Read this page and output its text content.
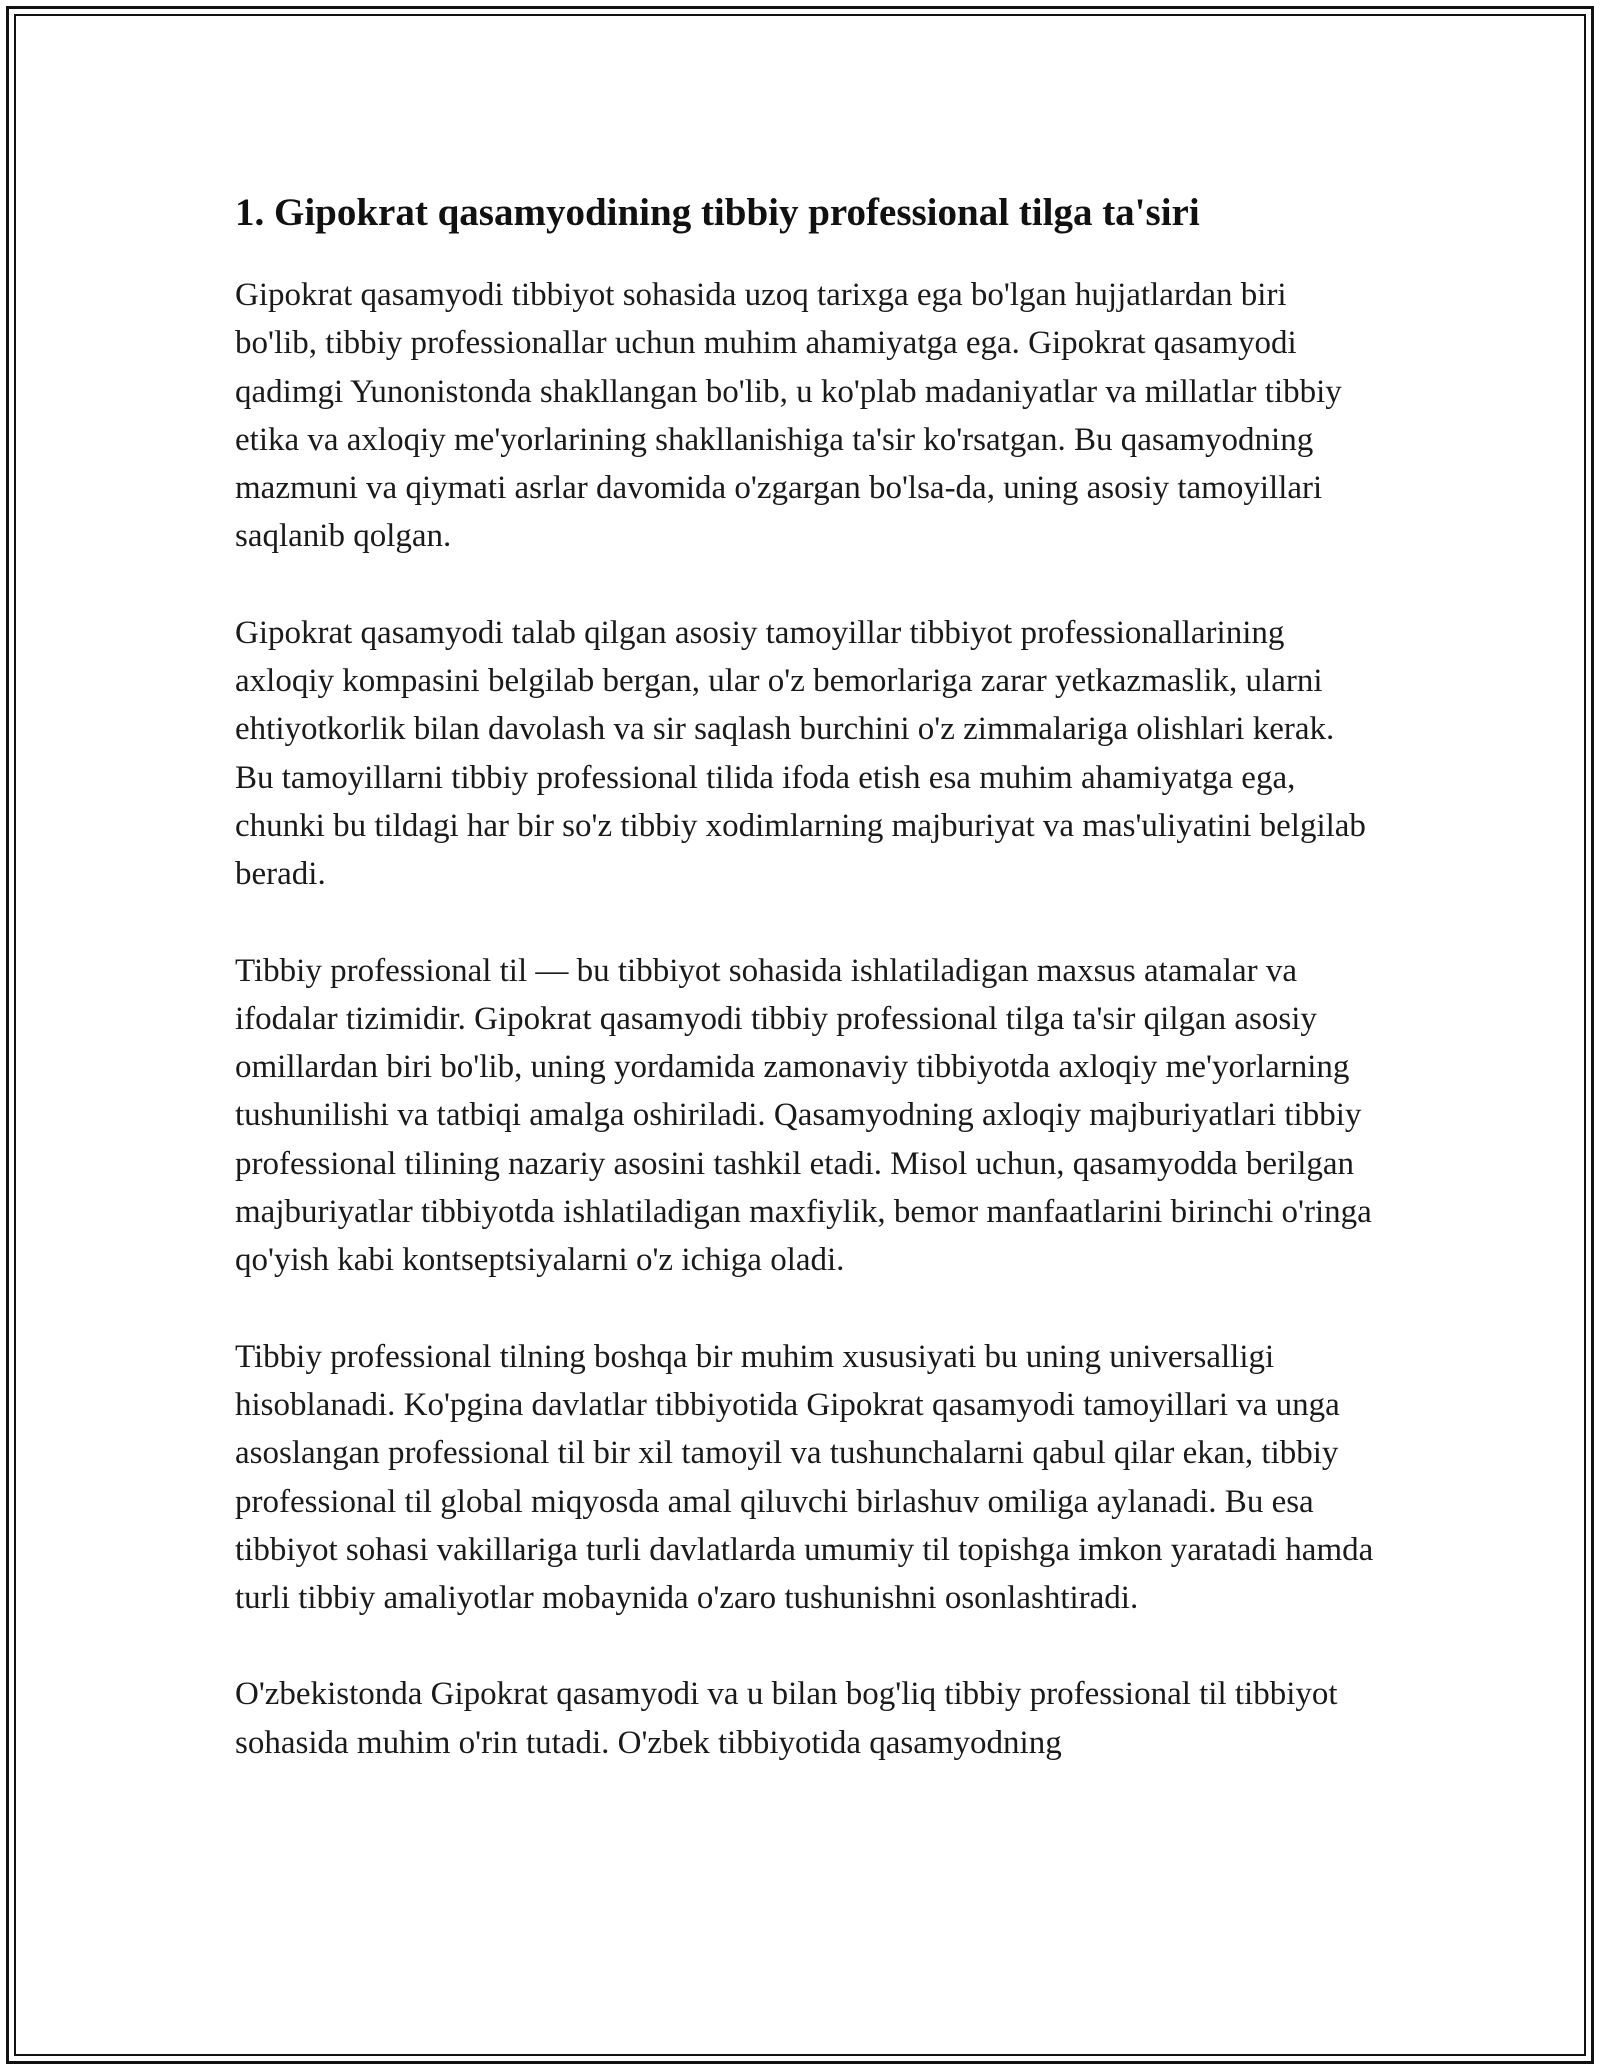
1. Gipokrat qasamyodining tibbiy professional tilga ta'siri

Gipokrat qasamyodi tibbiyot sohasida uzoq tarixga ega bo'lgan hujjatlardan biri bo'lib, tibbiy professionallar uchun muhim ahamiyatga ega. Gipokrat qasamyodi qadimgi Yunonistonda shakllangan bo'lib, u ko'plab madaniyatlar va millatlar tibbiy etika va axloqiy me'yorlarining shakllanishiga ta'sir ko'rsatgan. Bu qasamyodning mazmuni va qiymati asrlar davomida o'zgargan bo'lsa-da, uning asosiy tamoyillari saqlanib qolgan.

Gipokrat qasamyodi talab qilgan asosiy tamoyillar tibbiyot professionallarining axloqiy kompasini belgilab bergan, ular o'z bemorlariga zarar yetkazmaslik, ularni ehtiyotkorlik bilan davolash va sir saqlash burchini o'z zimmalariga olishlari kerak. Bu tamoyillarni tibbiy professional tilida ifoda etish esa muhim ahamiyatga ega, chunki bu tildagi har bir so'z tibbiy xodimlarning majburiyat va mas'uliyatini belgilab beradi.

Tibbiy professional til — bu tibbiyot sohasida ishlatiladigan maxsus atamalar va ifodalar tizimidir. Gipokrat qasamyodi tibbiy professional tilga ta'sir qilgan asosiy omillardan biri bo'lib, uning yordamida zamonaviy tibbiyotda axloqiy me'yorlarning tushunilishi va tatbiqi amalga oshiriladi. Qasamyodning axloqiy majburiyatlari tibbiy professional tilining nazariy asosini tashkil etadi. Misol uchun, qasamyodda berilgan majburiyatlar tibbiyotda ishlatiladigan maxfiylik, bemor manfaatlarini birinchi o'ringa qo'yish kabi kontseptsiyalarni o'z ichiga oladi.

Tibbiy professional tilning boshqa bir muhim xususiyati bu uning universalligi hisoblanadi. Ko'pgina davlatlar tibbiyotida Gipokrat qasamyodi tamoyillari va unga asoslangan professional til bir xil tamoyil va tushunchalarni qabul qilar ekan, tibbiy professional til global miqyosda amal qiluvchi birlashuv omiliga aylanadi. Bu esa tibbiyot sohasi vakillariga turli davlatlarda umumiy til topishga imkon yaratadi hamda turli tibbiy amaliyotlar mobaynida o'zaro tushunishni osonlashtiradi.

O'zbekistonda Gipokrat qasamyodi va u bilan bog'liq tibbiy professional til tibbiyot sohasida muhim o'rin tutadi. O'zbek tibbiyotida qasamyodning
